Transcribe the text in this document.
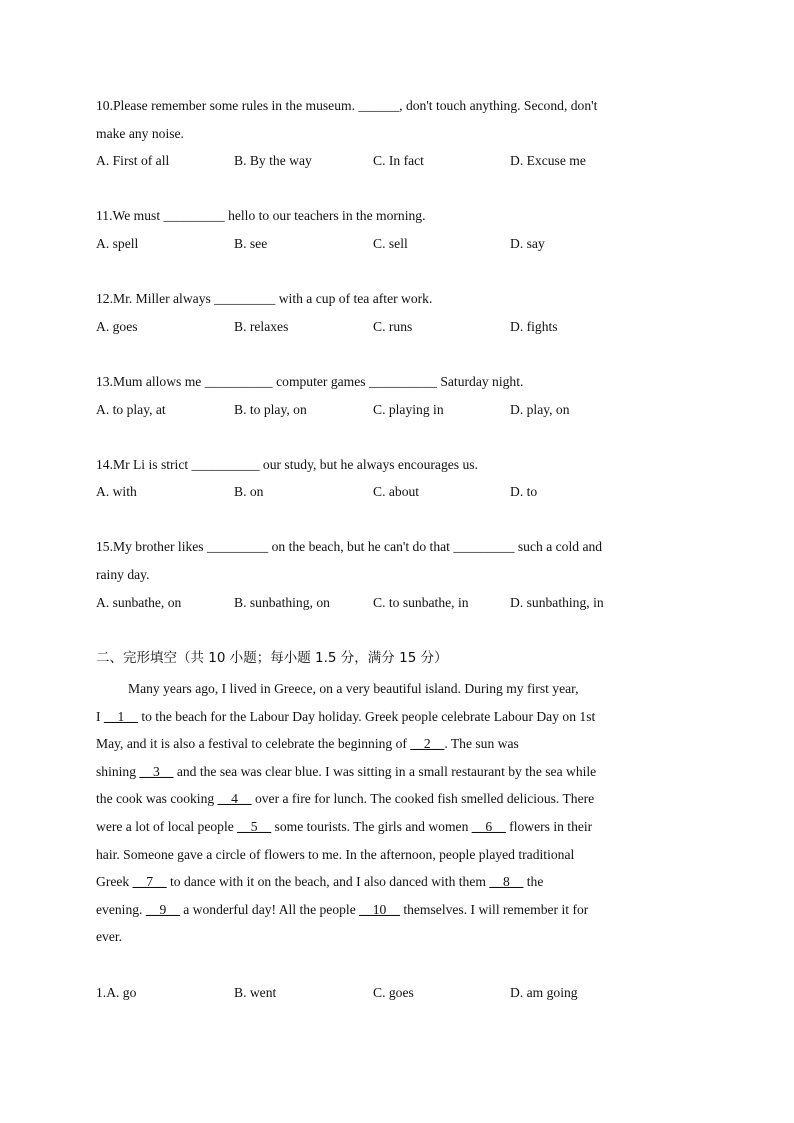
10.Please remember some rules in the museum. ______, don't touch anything. Second, don't
make any noise.
A. First of all	B. By the way	C. In fact	D. Excuse me
11.We must _________ hello to our teachers in the morning.
A. spell	B. see	C. sell	D. say
12.Mr. Miller always _________ with a cup of tea after work.
A. goes	B. relaxes	C. runs	D. fights
13.Mum allows me __________ computer games __________ Saturday night.
A. to play, at	B. to play, on	C. playing in	D. play, on
14.Mr Li is strict __________ our study, but he always encourages us.
A. with	B. on	C. about	D. to
15.My brother likes _________ on the beach, but he can't do that _________ such a cold and
rainy day.
A. sunbathe, on	B. sunbathing, on	C. to sunbathe, in	D. sunbathing, in
二、完形填空（共 10 小题；每小题 1.5 分，满分 15 分）
Many years ago, I lived in Greece, on a very beautiful island. During my first year,
I __1__ to the beach for the Labour Day holiday. Greek people celebrate Labour Day on 1st
May, and it is also a festival to celebrate the beginning of __2__. The sun was
shining __3__ and the sea was clear blue. I was sitting in a small restaurant by the sea while
the cook was cooking __4__ over a fire for lunch. The cooked fish smelled delicious. There
were a lot of local people __5__ some tourists. The girls and women __6__ flowers in their
hair. Someone gave a circle of flowers to me. In the afternoon, people played traditional
Greek __7__ to dance with it on the beach, and I also danced with them __8__ the
evening. __9__ a wonderful day! All the people __10__ themselves. I will remember it for
ever.
1.A. go	B. went	C. goes	D. am going
